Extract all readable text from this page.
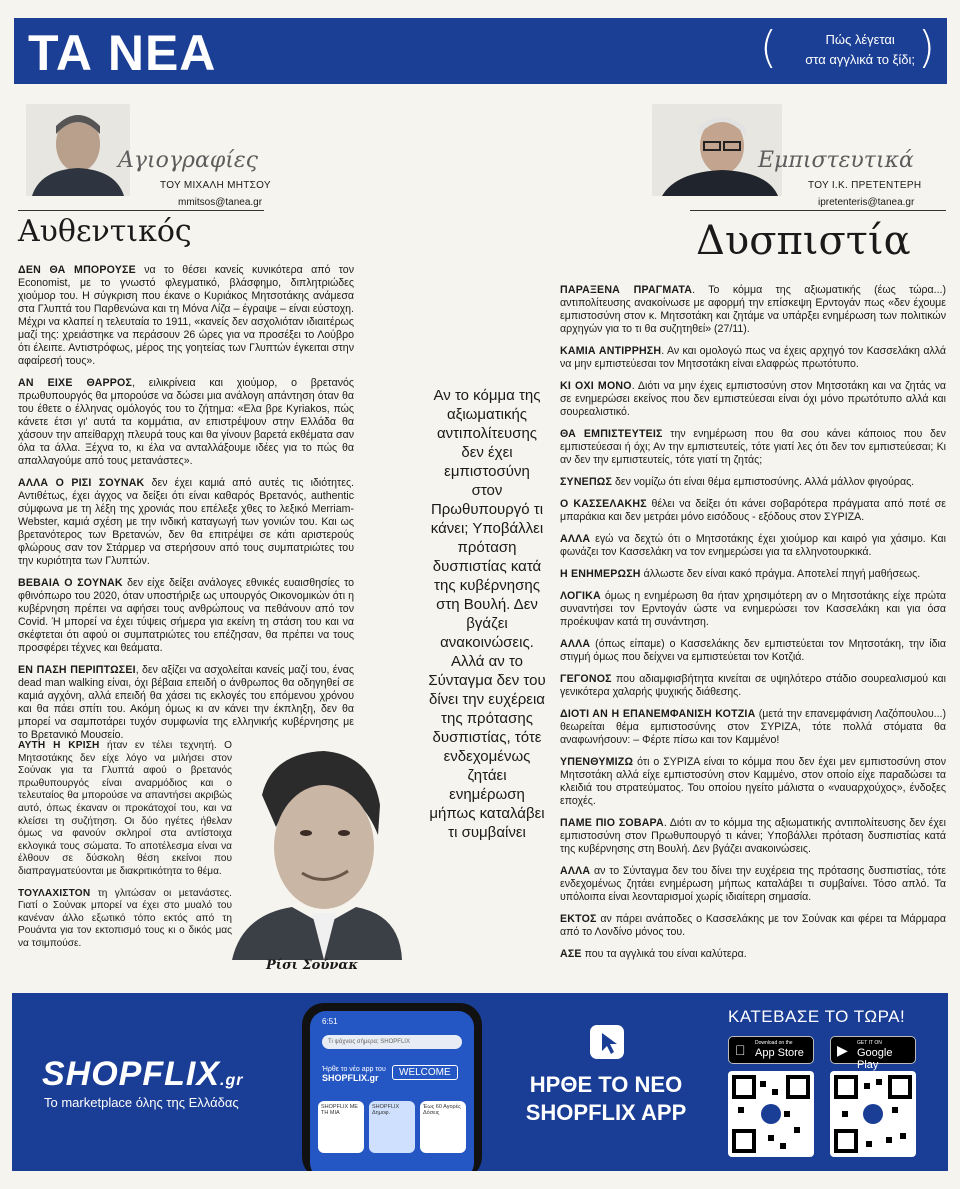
ΤΑ ΝΕΑ	(	Πώς λέγεται
στα αγγλικά το ξίδι; )
Αγιογραφίες
ΤΟΥ ΜΙΧΑΛΗ ΜΗΤΣΟΥ
mmitsos@tanea.gr
Αυθεντικός
Εμπιστευτικά
ΤΟΥ Ι.Κ. ΠΡΕΤΕΝΤΕΡΗ
ipretenteris@tanea.gr
Δυσπιστία

ΔΕΝ ΘΑ ΜΠΟΡΟΥΣΕ να το θέσει κανείς κυνικότερα από τον Economist, με το γνωστό φλεγματικό, βλάσφημο, διπλητριώδες χιούμορ του. Η σύγκριση που έκανε ο Κυριάκος Μητσοτάκης ανάμεσα στα Γλυπτά του Παρθενώνα και τη Μόνα Λίζα – έγραψε – είναι εύστοχη. Μέχρι να κλαπεί η τελευταία το 1911, «κανείς δεν ασχολιόταν ιδιαιτέρως μαζί της: χρειάστηκε να περάσουν 26 ώρες για να προσέξει το Λούβρο ότι έλειπε. Αντιστρόφως, μέρος της γοητείας των Γλυπτών έγκειται στην αφαίρεσή τους».

ΑΝ ΕΙΧΕ ΘΑΡΡΟΣ, ειλικρίνεια και χιούμορ, ο βρετανός πρωθυπουργός θα μπορούσε να δώσει μια ανάλογη απάντηση όταν θα του έθετε ο έλληνας ομόλογός του το ζήτημα: «Ελα βρε Kyriakos, πώς κάνετε έτσι γι' αυτά τα κομμάτια, αν επιστρέψουν στην Ελλάδα θα χάσουν την απείθαρχη πλευρά τους και θα γίνουν βαρετά εκθέματα σαν όλα τα άλλα. Ξέχνα το, κι έλα να ανταλλάξουμε ιδέες για το πώς θα απαλλαγούμε από τους μετανάστες».

ΑΛΛΑ Ο ΡΙΣΙ ΣΟΥΝΑΚ δεν έχει καμιά από αυτές τις ιδιότητες. Αντιθέτως, έχει άγχος να δείξει ότι είναι καθαρός Βρετανός, authentic σύμφωνα με τη λέξη της χρονιάς που επέλεξε χθες το λεξικό Merriam-Webster, καμιά σχέση με την ινδική καταγωγή των γονιών του. Και ως βρετανότερος των Βρετανών, δεν θα επιτρέψει σε κάτι αριστερούς φλώρους σαν τον Στάρμερ να στερήσουν από τους συμπατριώτες του την κυριότητα των Γλυπτών.

ΒΕΒΑΙΑ Ο ΣΟΥΝΑΚ δεν είχε δείξει ανάλογες εθνικές ευαισθησίες το φθινόπωρο του 2020, όταν υποστήριξε ως υπουργός Οικονομικών ότι η κυβέρνηση πρέπει να αφήσει τους ανθρώπους να πεθάνουν από τον Covid. Ή μπορεί να έχει τύψεις σήμερα για εκείνη τη στάση του και να σκέφτεται ότι αφού οι συμπατριώτες του επέζησαν, θα πρέπει να τους προσφέρει τέχνες και θεάματα.

ΕΝ ΠΑΣΗ ΠΕΡΙΠΤΩΣΕΙ, δεν αξίζει να ασχολείται κανείς μαζί του, ένας dead man walking είναι, όχι βέβαια επειδή ο άνθρωπος θα οδηγηθεί σε καμιά αγχόνη, αλλά επειδή θα χάσει τις εκλογές του επόμενου χρόνου και θα πάει σπίτι του. Ακόμη όμως κι αν κάνει την έκπληξη, δεν θα μπορεί να σαμποτάρει τυχόν συμφωνία της ελληνικής κυβέρνησης με το Βρετανικό Μουσείο.

ΑΥΤΗ Η ΚΡΙΣΗ ήταν εν τέλει τεχνητή. Ο Μητσοτάκης δεν είχε λόγο να μιλήσει στον Σούνακ για τα Γλυπτά αφού ο βρετανός πρωθυπουργός είναι αναρμόδιος και ο τελευταίος θα μπορούσε να απαντήσει ακριβώς αυτό, όπως έκαναν οι προκάτοχοί του, και να κλείσει τη συζήτηση. Οι δύο ηγέτες ήθελαν όμως να φανούν σκληροί στα αντίστοιχα εκλογικά τους σώματα. Το αποτέλεσμα είναι να έλθουν σε δύσκολη θέση εκείνοι που διαπραγματεύονται με διακριτικότητα το θέμα.

ΤΟΥΛΑΧΙΣΤΟΝ τη γλιτώσαν οι μετανάστες. Γιατί ο Σούνακ μπορεί να έχει στο μυαλό του κανέναν άλλο εξωτικό τόπο εκτός από τη Ρουάντα για τον εκτοπισμό τους κι ο δικός μας να τσιμπούσε.

Ρίσι Σούνακ
Αν το κόμμα της αξιωματικής αντιπολίτευσης δεν έχει εμπιστοσύνη στον Πρωθυπουργό τι κάνει; Υποβάλλει πρόταση δυσπιστίας κατά της κυβέρνησης στη Βουλή. Δεν βγάζει ανακοινώσεις. Αλλά αν το Σύνταγμα δεν του δίνει την ευχέρεια της πρότασης δυσπιστίας, τότε ενδεχομένως ζητάει ενημέρωση μήπως καταλάβει τι συμβαίνει

ΠΑΡΑΞΕΝΑ ΠΡΑΓΜΑΤΑ. Το κόμμα της αξιωματικής (έως τώρα...) αντιπολίτευσης ανακοίνωσε με αφορμή την επίσκεψη Ερντογάν πως «δεν έχουμε εμπιστοσύνη στον κ. Μητσοτάκη και ζητάμε να υπάρξει ενημέρωση των πολιτικών αρχηγών για το τι θα συζητηθεί» (27/11).

ΚΑΜΙΑ ΑΝΤΙΡΡΗΣΗ. Αν και ομολογώ πως να έχεις αρχηγό τον Κασσελάκη αλλά να μην εμπιστεύεσαι τον Μητσοτάκη είναι ελαφρώς πρωτότυπο.

ΚΙ ΟΧΙ ΜΟΝΟ. Διότι να μην έχεις εμπιστοσύνη στον Μητσοτάκη και να ζητάς να σε ενημερώσει εκείνος που δεν εμπιστεύεσαι είναι όχι μόνο πρωτότυπο αλλά και σουρεαλιστικό.

ΘΑ ΕΜΠΙΣΤΕΥΤΕΙΣ την ενημέρωση που θα σου κάνει κάποιος που δεν εμπιστεύεσαι ή όχι; Αν την εμπιστευτείς, τότε γιατί λες ότι δεν τον εμπιστεύεσαι; Κι αν δεν την εμπιστευτείς, τότε γιατί τη ζητάς;

ΣΥΝΕΠΩΣ δεν νομίζω ότι είναι θέμα εμπιστοσύνης. Αλλά μάλλον φιγούρας.

Ο ΚΑΣΣΕΛΑΚΗΣ θέλει να δείξει ότι κάνει σοβαρότερα πράγματα από ποτέ σε μπαράκια και δεν μετράει μόνο εισόδους - εξόδους στον ΣΥΡΙΖΑ.

ΑΛΛΑ εγώ να δεχτώ ότι ο Μητσοτάκης έχει χιούμορ και καιρό για χάσιμο. Και φωνάζει τον Κασσελάκη να τον ενημερώσει για τα ελληνοτουρκικά.

Η ΕΝΗΜΕΡΩΣΗ άλλωστε δεν είναι κακό πράγμα. Αποτελεί πηγή μαθήσεως.

ΛΟΓΙΚΑ όμως η ενημέρωση θα ήταν χρησιμότερη αν ο Μητσοτάκης είχε πρώτα συναντήσει τον Ερντογάν ώστε να ενημερώσει τον Κασσελάκη και για όσα προέκυψαν κατά τη συνάντηση.

ΑΛΛΑ (όπως είπαμε) ο Κασσελάκης δεν εμπιστεύεται τον Μητσοτάκη, την ίδια στιγμή όμως που δείχνει να εμπιστεύεται τον Κοτζιά.

ΓΕΓΟΝΟΣ που αδιαμφισβήτητα κινείται σε υψηλότερο στάδιο σουρεαλισμού και γενικότερα χαλαρής ψυχικής διάθεσης.

ΔΙΟΤΙ ΑΝ Η ΕΠΑΝΕΜΦΑΝΙΣΗ ΚΟΤΖΙΑ (μετά την επανεμφάνιση Λαζόπουλου...) θεωρείται θέμα εμπιστοσύνης στον ΣΥΡΙΖΑ, τότε πολλά στόματα θα αναφωνήσουν: – Φέρτε πίσω και τον Καμμένο!

ΥΠΕΝΘΥΜΙΖΩ ότι ο ΣΥΡΙΖΑ είναι το κόμμα που δεν έχει μεν εμπιστοσύνη στον Μητσοτάκη αλλά είχε εμπιστοσύνη στον Καμμένο, στον οποίο είχε παραδώσει τα κλειδιά του στρατεύματος. Του οποίου ηγείτο μάλιστα ο «ναυαρχούχος», ένδοξες εποχές.

ΠΑΜΕ ΠΙΟ ΣΟΒΑΡΑ. Διότι αν το κόμμα της αξιωματικής αντιπολίτευσης δεν έχει εμπιστοσύνη στον Πρωθυπουργό τι κάνει; Υποβάλλει πρόταση δυσπιστίας κατά της κυβέρνησης στη Βουλή. Δεν βγάζει ανακοινώσεις.

ΑΛΛΑ αν το Σύνταγμα δεν του δίνει την ευχέρεια της πρότασης δυσπιστίας, τότε ενδεχομένως ζητάει ενημέρωση μήπως καταλάβει τι συμβαίνει. Τόσο απλό. Τα υπόλοιπα είναι λεονταρισμοί χωρίς ιδιαίτερη σημασία.

ΕΚΤΟΣ αν πάρει ανάποδες ο Κασσελάκης με τον Σούνακ και φέρει τα Μάρμαρα από το Λονδίνο μόνος του.

ΑΣΕ που τα αγγλικά του είναι καλύτερα.

SHOPFLIX.gr
Το marketplace όλης της Ελλάδας
6:51
Τι ψάχνεις σήμερα; SHOPFLIX
Ήρθε το νέο app του
SHOPFLIX.gr	WELCOME
SHOPFLIX ΜΕ ΤΗ ΜΙΑ
SHOPFLIX Δημοφ.
Έως 60 Αγορές Δόσεις
ΗΡΘΕ ΤΟ ΝΕΟ
SHOPFLIX APP
ΚΑΤΕΒΑΣΕ ΤΟ ΤΩΡΑ!
Download on the
App Store ▶ GET IT ON
Google Play
